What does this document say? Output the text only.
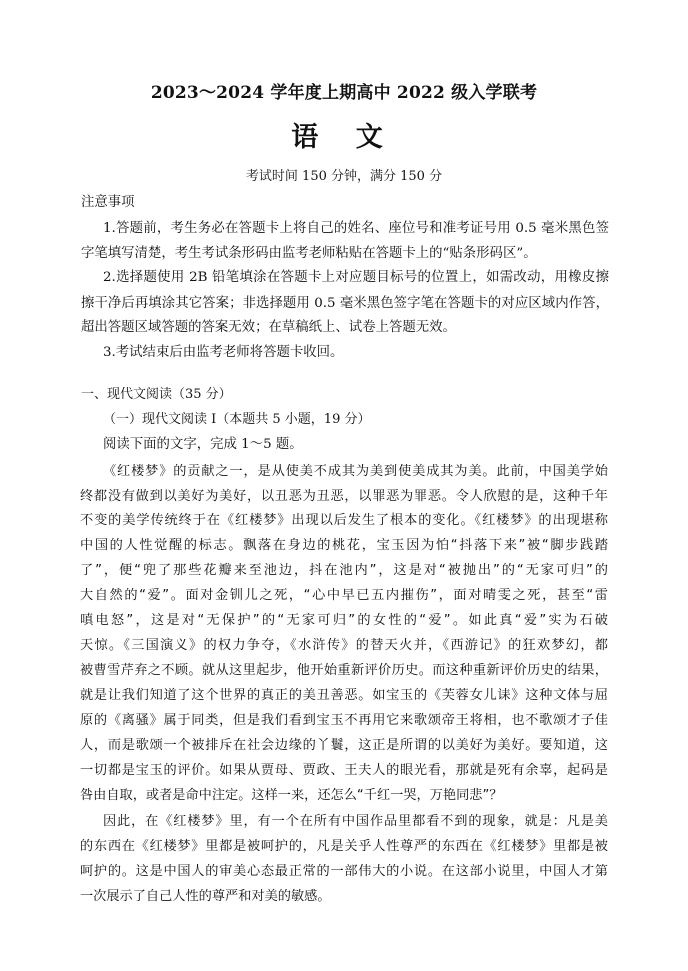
2023～2024 学年度上期高中 2022 级入学联考
语 文
考试时间 150 分钟，满分 150 分
注意事项
1.答题前，考生务必在答题卡上将自己的姓名、座位号和准考证号用 0.5 毫米黑色签
字笔填写清楚，考生考试条形码由监考老师粘贴在答题卡上的“贴条形码区”。
2.选择题使用 2B 铅笔填涂在答题卡上对应题目标号的位置上，如需改动，用橡皮擦
擦干净后再填涂其它答案；非选择题用 0.5 毫米黑色签字笔在答题卡的对应区域内作答，
超出答题区域答题的答案无效；在草稿纸上、试卷上答题无效。
3.考试结束后由监考老师将答题卡收回。
一、现代文阅读（35 分）
（一）现代文阅读 I（本题共 5 小题，19 分）
阅读下面的文字，完成 1～5 题。
《红楼梦》的贡献之一，是从使美不成其为美到使美成其为美。此前，中国美学始
终都没有做到以美好为美好，以丑恶为丑恶，以罪恶为罪恶。令人欣慰的是，这种千年
不变的美学传统终于在《红楼梦》出现以后发生了根本的变化。《红楼梦》的出现堪称
中国的人性觉醒的标志。飘落在身边的桃花，宝玉因为怕“抖落下来”被“脚步践踏
了”，便“兜了那些花瓣来至池边，抖在池内”，这是对“被抛出”的“无家可归”的
大自然的“爱”。面对金钏儿之死，“心中早已五内摧伤”，面对晴雯之死，甚至“雷
嗔电怒”，这是对“无保护”的“无家可归”的女性的“爱”。如此真“爱”实为石破
天惊。《三国演义》的权力争夺，《水浒传》的替天火并，《西游记》的狂欢梦幻，都
被曹雪芹弃之不顾。就从这里起步，他开始重新评价历史。而这种重新评价历史的结果，
就是让我们知道了这个世界的真正的美丑善恶。如宝玉的《芙蓉女儿诔》这种文体与屈
原的《离骚》属于同类，但是我们看到宝玉不再用它来歌颂帝王将相，也不歌颂才子佳
人，而是歌颂一个被排斥在社会边缘的丫鬟，这正是所谓的以美好为美好。要知道，这
一切都是宝玉的评价。如果从贾母、贾政、王夫人的眼光看，那就是死有余辜，起码是
咎由自取，或者是命中注定。这样一来，还怎么“千红一哭，万艳同悲”？
因此，在《红楼梦》里，有一个在所有中国作品里都看不到的现象，就是：凡是美
的东西在《红楼梦》里都是被呵护的，凡是关乎人性尊严的东西在《红楼梦》里都是被
呵护的。这是中国人的审美心态最正常的一部伟大的小说。在这部小说里，中国人才第
一次展示了自己人性的尊严和对美的敏感。
